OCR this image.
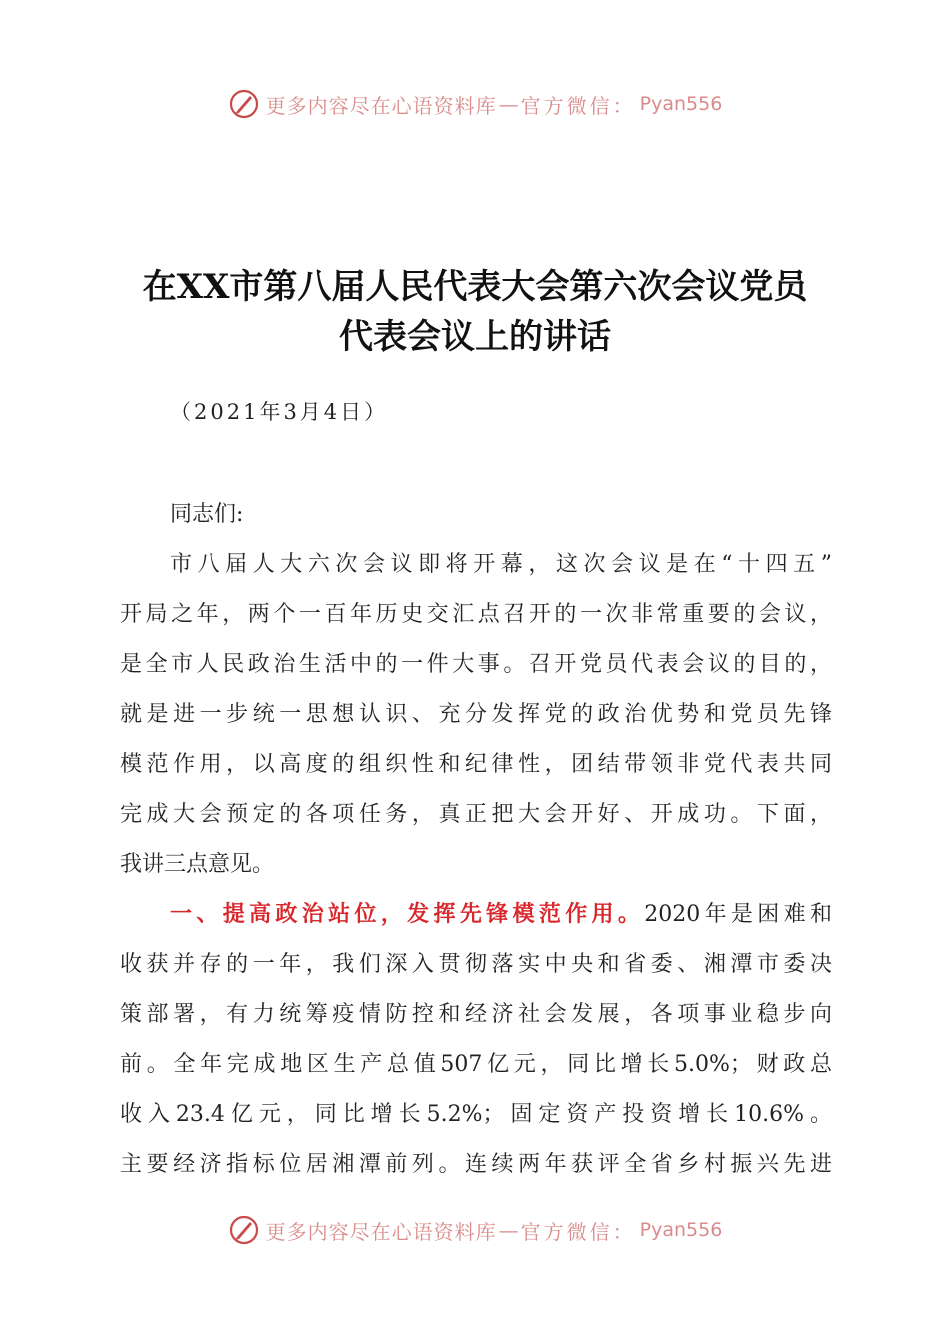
更多内容尽在心语资料库 — 官方微信： Pyan556
在XX市第八届人民代表大会第六次会议党员
代表会议上的讲话
（2021年3月4日）
同志们:
市八届人大六次会议即将开幕，这次会议是在“十四五”
开局之年，两个一百年历史交汇点召开的一次非常重要的会议，
是全市人民政治生活中的一件大事。召开党员代表会议的目的，
就是进一步统一思想认识、充分发挥党的政治优势和党员先锋
模范作用，以高度的组织性和纪律性，团结带领非党代表共同
完成大会预定的各项任务，真正把大会开好、开成功。下面，
我讲三点意见。
一、提高政治站位，发挥先锋模范作用。2020年是困难和
收获并存的一年，我们深入贯彻落实中央和省委、湘潭市委决
策部署，有力统筹疫情防控和经济社会发展，各项事业稳步向
前。全年完成地区生产总值507亿元，同比增长5.0%；财政总
收入23.4亿元，同比增长5.2%；固定资产投资增长10.6%。
主要经济指标位居湘潭前列。连续两年获评全省乡村振兴先进
更多内容尽在心语资料库 — 官方微信： Pyan556
